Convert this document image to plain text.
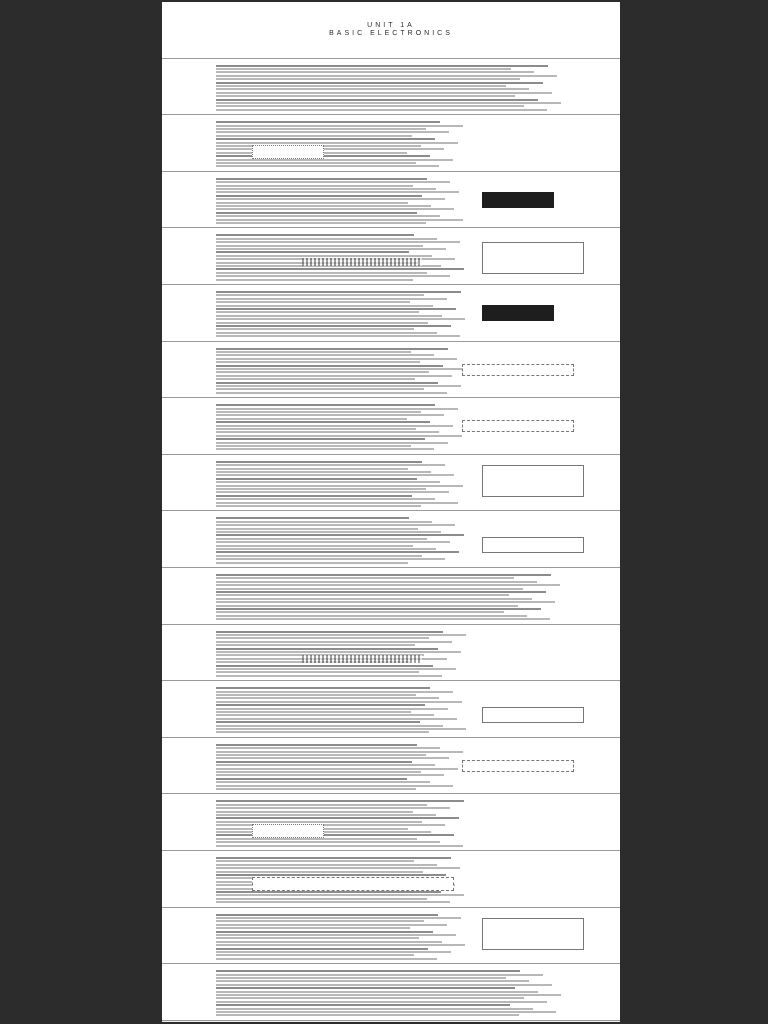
UNIT 1A
BASIC ELECTRONICS
